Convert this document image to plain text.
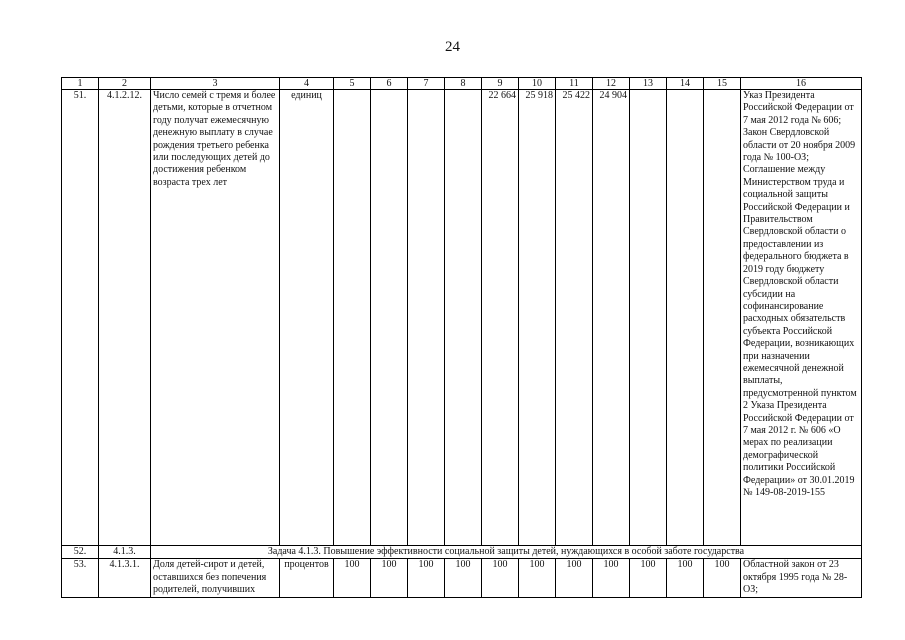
24
1	2	3	4	5	6	7	8	9	10	11	12	13	14	15	16
51.	4.1.2.12.	Число семей с тремя и более детьми, которые в отчетном году получат ежемесячную денежную выплату в случае рождения третьего ребенка или последующих детей до достижения ребенком возраста трех лет	единиц					22 664	25 918	25 422	24 904				Указ Президента Российской Федерации от 7 мая 2012 года № 606; Закон Свердловской области от 20 ноября 2009 года № 100-ОЗ; Соглашение между Министерством труда и социальной защиты Российской Федерации и Правительством Свердловской области о предоставлении из федерального бюджета в 2019 году бюджету Свердловской области субсидии на софинансирование расходных обязательств субъекта Российской Федерации, возникающих при назначении ежемесячной денежной выплаты, предусмотренной пунктом 2 Указа Президента Российской Федерации от 7 мая 2012 г. № 606 «О мерах по реализации демографической политики Российской Федерации» от 30.01.2019 № 149-08-2019-155
52.	4.1.3.	Задача 4.1.3. Повышение эффективности социальной защиты детей, нуждающихся в особой заботе государства													
53.	4.1.3.1.	Доля детей-сирот и детей, оставшихся без попечения родителей, получивших	процентов	100	100	100	100	100	100	100	100	100	100	100	Областной закон от 23 октября 1995 года № 28-ОЗ;
